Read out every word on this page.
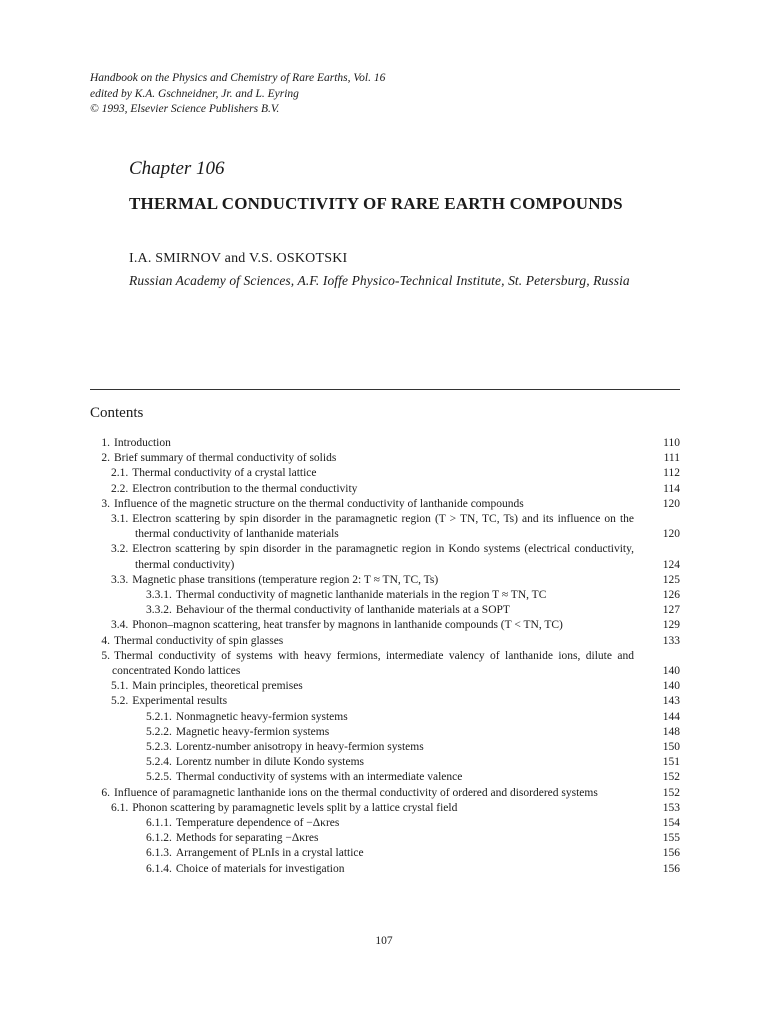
Handbook on the Physics and Chemistry of Rare Earths, Vol. 16
edited by K.A. Gschneidner, Jr. and L. Eyring
© 1993, Elsevier Science Publishers B.V.
Chapter 106
THERMAL CONDUCTIVITY OF RARE EARTH COMPOUNDS
I.A. SMIRNOV and V.S. OSKOTSKI
Russian Academy of Sciences, A.F. Ioffe Physico-Technical Institute, St. Petersburg, Russia
Contents
1. Introduction	110
2. Brief summary of thermal conductivity of solids	111
2.1. Thermal conductivity of a crystal lattice	112
2.2. Electron contribution to the thermal conductivity	114
3. Influence of the magnetic structure on the thermal conductivity of lanthanide compounds	120
3.1. Electron scattering by spin disorder in the paramagnetic region (T > TN, TC, Ts) and its influence on the thermal conductivity of lanthanide materials	120
3.2. Electron scattering by spin disorder in the paramagnetic region in Kondo systems (electrical conductivity, thermal conductivity)	124
3.3. Magnetic phase transitions (temperature region 2: T ≈ TN, TC, Ts)	125
3.3.1. Thermal conductivity of magnetic lanthanide materials in the region T ≈ TN, TC	126
3.3.2. Behaviour of the thermal conductivity of lanthanide materials at a SOPT	127
3.4. Phonon–magnon scattering, heat transfer by magnons in lanthanide compounds (T < TN, TC)	129
4. Thermal conductivity of spin glasses	133
5. Thermal conductivity of systems with heavy fermions, intermediate valency of lanthanide ions, dilute and concentrated Kondo lattices	140
5.1. Main principles, theoretical premises	140
5.2. Experimental results	143
5.2.1. Nonmagnetic heavy-fermion systems	144
5.2.2. Magnetic heavy-fermion systems	148
5.2.3. Lorentz-number anisotropy in heavy-fermion systems	150
5.2.4. Lorentz number in dilute Kondo systems	151
5.2.5. Thermal conductivity of systems with an intermediate valence	152
6. Influence of paramagnetic lanthanide ions on the thermal conductivity of ordered and disordered systems	152
6.1. Phonon scattering by paramagnetic levels split by a lattice crystal field	153
6.1.1. Temperature dependence of −Δκres	154
6.1.2. Methods for separating −Δκres	155
6.1.3. Arrangement of PLnIs in a crystal lattice	156
6.1.4. Choice of materials for investigation	156
107
